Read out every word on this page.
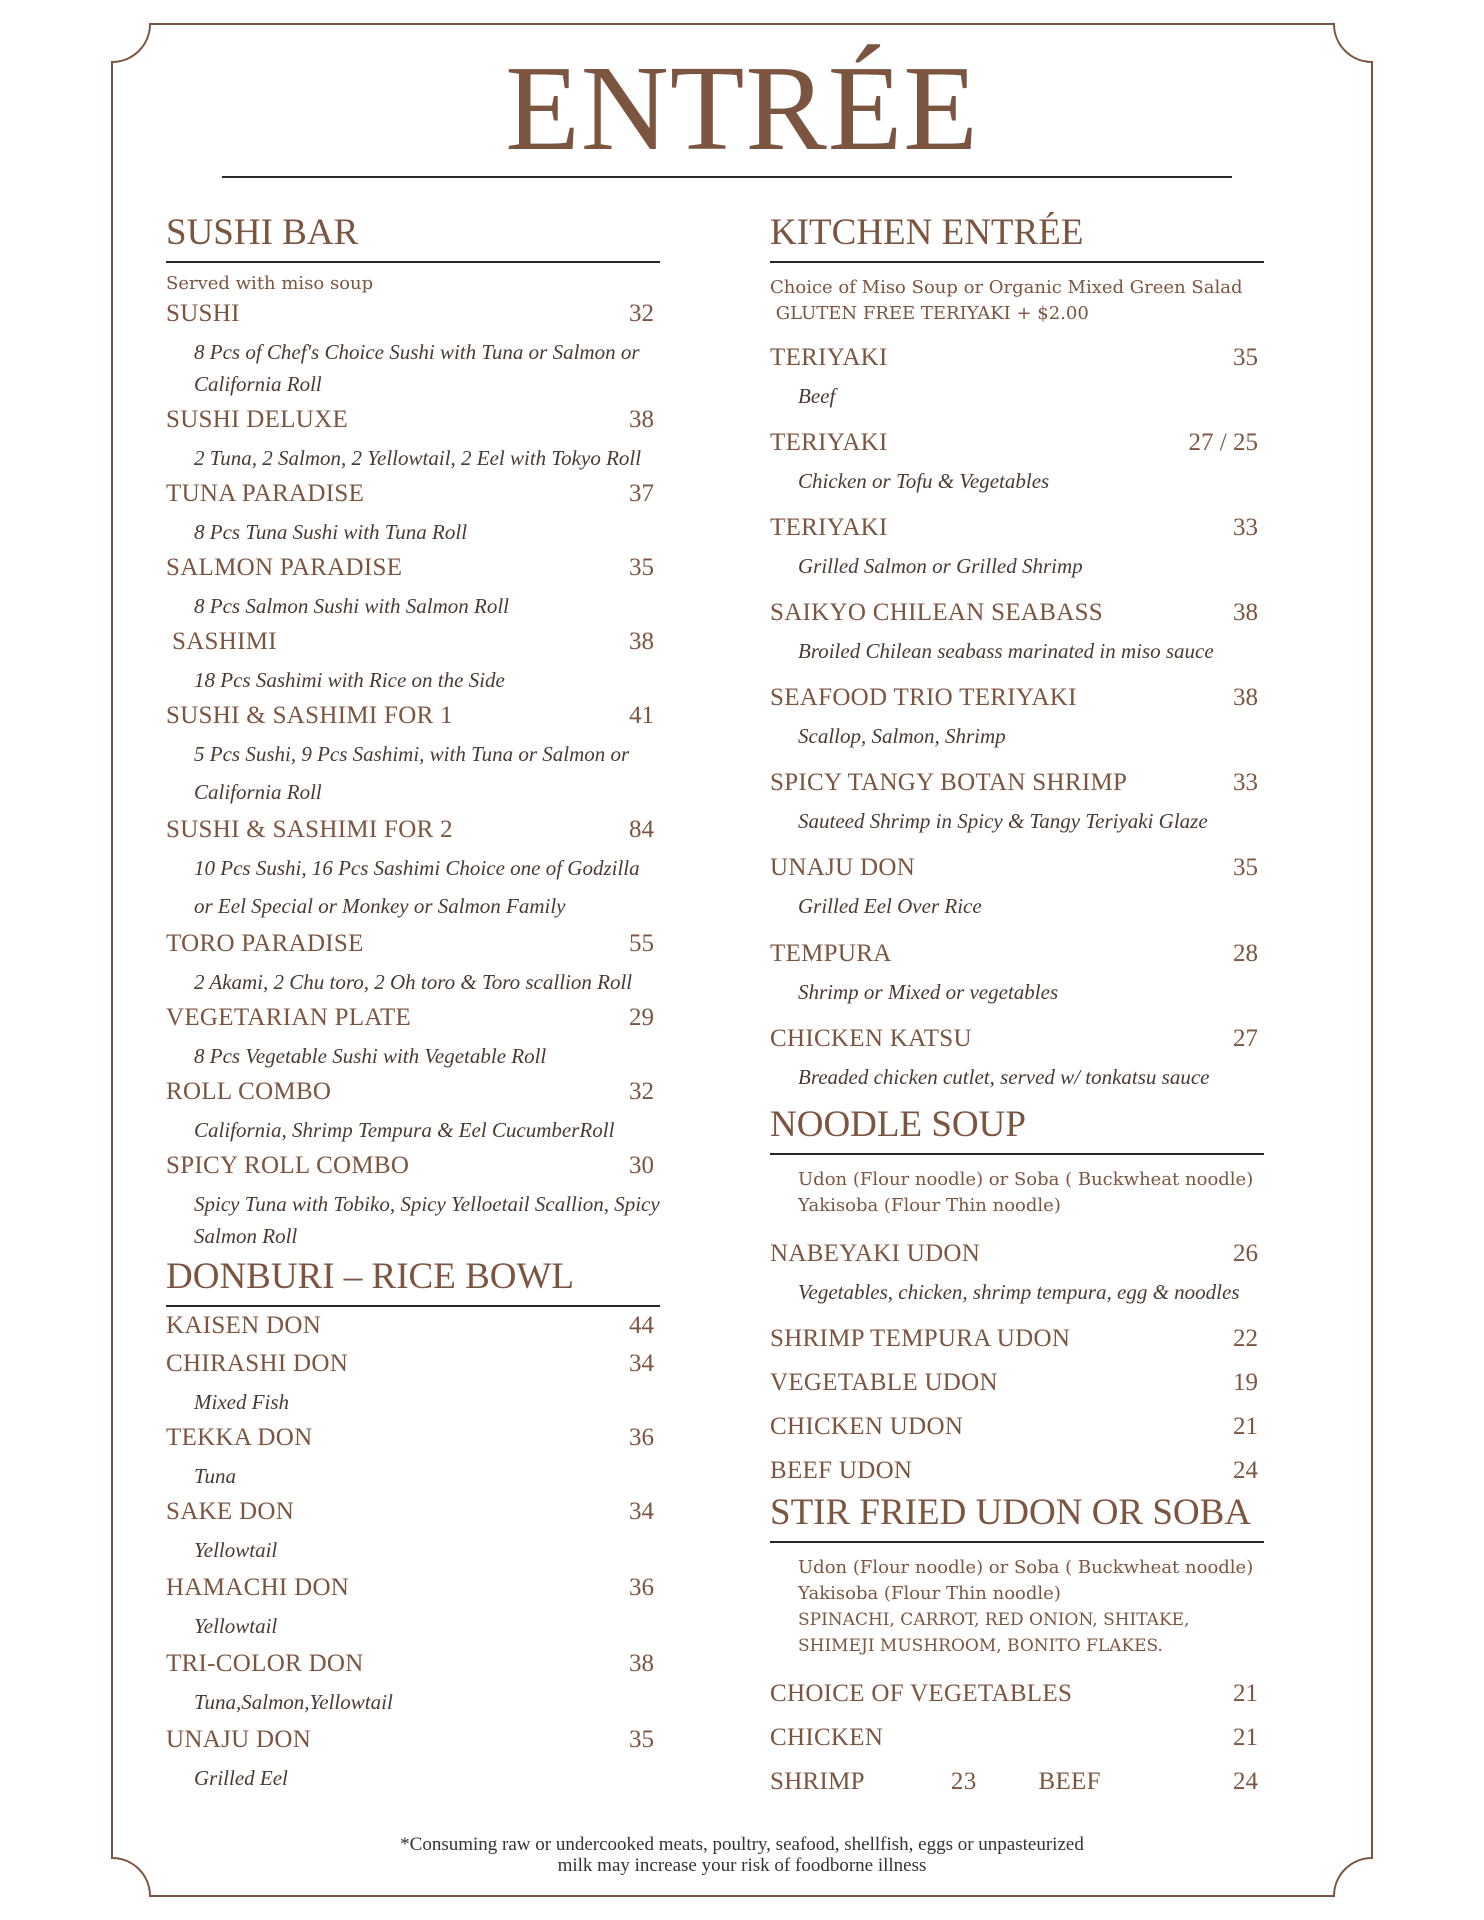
ENTRÉE
SUSHI BAR
Served with miso soup
SUSHI	32
8 Pcs of Chef's Choice Sushi with Tuna or Salmon or
California Roll
SUSHI DELUXE	38
2 Tuna, 2 Salmon, 2 Yellowtail, 2 Eel with Tokyo Roll
TUNA PARADISE	37
8 Pcs Tuna Sushi with Tuna Roll
SALMON PARADISE	35
8 Pcs Salmon Sushi with Salmon Roll
SASHIMI	38
18 Pcs Sashimi with Rice on the Side
SUSHI & SASHIMI FOR 1	41
5 Pcs Sushi, 9 Pcs Sashimi, with Tuna or Salmon or
California Roll
SUSHI & SASHIMI FOR 2	84
10 Pcs Sushi, 16 Pcs Sashimi Choice one of Godzilla
or Eel Special or Monkey or Salmon Family
TORO PARADISE	55
2 Akami, 2 Chu toro, 2 Oh toro & Toro scallion Roll
VEGETARIAN PLATE	29
8 Pcs Vegetable Sushi with Vegetable Roll
ROLL COMBO	32
California, Shrimp Tempura & Eel CucumberRoll
SPICY ROLL COMBO	30
Spicy Tuna with Tobiko, Spicy Yelloetail Scallion, Spicy
Salmon Roll
DONBURI – RICE BOWL
KAISEN DON	44
CHIRASHI DON	34
Mixed Fish
TEKKA DON	36
Tuna
SAKE DON	34
Yellowtail
HAMACHI DON	36
Yellowtail
TRI-COLOR DON	38
Tuna,Salmon,Yellowtail
UNAJU DON	35
Grilled Eel
KITCHEN ENTRÉE
Choice of Miso Soup or Organic Mixed Green Salad
GLUTEN FREE TERIYAKI + $2.00
TERIYAKI	35
Beef
TERIYAKI	27 / 25
Chicken or Tofu & Vegetables
TERIYAKI	33
Grilled Salmon or Grilled Shrimp
SAIKYO CHILEAN SEABASS	38
Broiled Chilean seabass marinated in miso sauce
SEAFOOD TRIO TERIYAKI	38
Scallop, Salmon, Shrimp
SPICY TANGY BOTAN SHRIMP	33
Sauteed Shrimp in Spicy & Tangy Teriyaki Glaze
UNAJU DON	35
Grilled Eel Over Rice
TEMPURA	28
Shrimp or Mixed or vegetables
CHICKEN KATSU	27
Breaded chicken cutlet, served w/ tonkatsu sauce
NOODLE SOUP
Udon (Flour noodle) or Soba ( Buckwheat noodle)
Yakisoba (Flour Thin noodle)
NABEYAKI UDON	26
Vegetables, chicken, shrimp tempura, egg & noodles
SHRIMP TEMPURA UDON	22
VEGETABLE UDON	19
CHICKEN UDON	21
BEEF UDON	24
STIR FRIED UDON OR SOBA
Udon (Flour noodle) or Soba ( Buckwheat noodle)
Yakisoba (Flour Thin noodle)
SPINACHI, CARROT, RED ONION, SHITAKE,
SHIMEJI MUSHROOM, BONITO FLAKES.
CHOICE OF VEGETABLES	21
CHICKEN	21
SHRIMP	23 BEEF	24
*Consuming raw or undercooked meats, poultry, seafood, shellfish, eggs or unpasteurized
milk may increase your risk of foodborne illness
